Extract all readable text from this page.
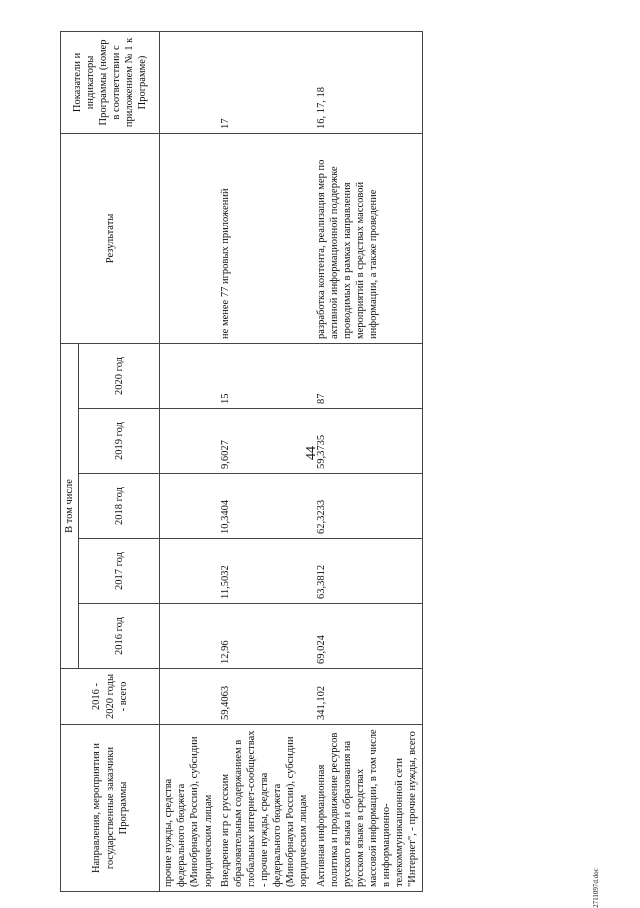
44
2711097d.doc
Направления, мероприятия и государственные заказчики Программы	2016 - 2020 годы - всего	В том числе					Результаты	Показатели и индикаторы Программы (номер в соответствии с приложением № 1 к Программе)
		2016 год	2017 год	2018 год	2019 год	2020 год		
прочие нужды, средства федерального бюджета (Минобрнауки России), субсидии юридическим лицам								
Внедрение игр с русским образовательным содержанием в глобальных интернет-сообществах - прочие нужды, средства федерального бюджета (Минобрнауки России), субсидии юридическим лицам	59,4063	12,96	11,5032	10,3404	9,6027	15	не менее 77 игровых приложений	17
Активная информационная политика и продвижение ресурсов русского языка и образования на русском языке в средствах массовой информации, в том числе в информационно-телекоммуникационной сети "Интернет", - прочие нужды, всего	341,102	69,024	63,3812	62,3233	59,3735	87	разработка контента, реализация мер по активной информационной поддержке проводимых в рамках направления мероприятий в средствах массовой информации, а также проведение	16, 17, 18
